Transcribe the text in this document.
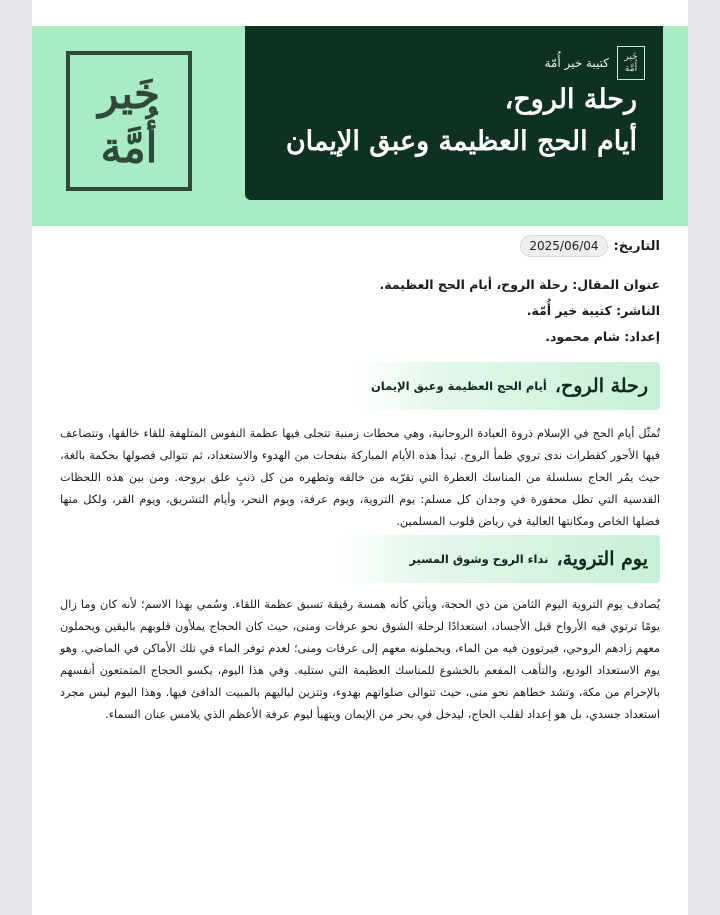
خَير
أُمَّة
خَير
أُمَّة
كتيبة خير أُمّة
رحلة الروح،
أيام الحج العظيمة وعبق الإيمان
التاريخ:
2025/06/04
عنوان المقال: رحلة الروح، أيام الحج العظيمة.
الناشر: كتيبة خير أُمّة.
إعداد: شام محمود.
رحلة الروح،
أيام الحج العظيمة وعبق الإيمان

تُمثّل أيام الحج في الإسلام ذروة العبادة الروحانية، وهي محطات زمنية تتجلى فيها عظمة النفوس المتلهفة للقاء خالقها، وتتضاعف فيها الأجور كقطرات ندى تروي ظمأ الروح. تبدأ هذه الأيام المباركة بنفحات من الهدوء والاستعداد، ثم تتوالى فصولها بحكمة بالغة، حيث يمُر الحاج بسلسلة من المناسك العطرة التي تقرّبه من خالقه وتطهره من كل ذنبٍ علق بروحه. ومن بين هذه اللحظات القدسية التي تظل محفورة في وجدان كل مسلم: يوم التروية، ويوم عرفة، ويوم النحر، وأيام التشريق، ويوم القر، ولكل منها فضلها الخاص ومكانتها العالية في رياض قلوب المسلمين.

يوم التروية،
نداء الروح وشوق المسير

يُصادف يوم التروية اليوم الثامن من ذي الحجة، ويأتي كأنه همسة رقيقة تسبق عظمة اللقاء. وسُمي بهذا الاسم؛ لأنه كان وما زال يومًا ترتوي فيه الأرواح قبل الأجساد، استعدادًا لرحلة الشوق نحو عرفات ومنى، حيث كان الحجاج يملأون قلوبهم باليقين ويحملون معهم زادهم الروحي، فيرتوون فيه من الماء، ويحملونه معهم إلى عرفات ومنى؛ لعدم توفر الماء في تلك الأماكن في الماضي. وهو يوم الاستعداد الوديع، والتأهب المفعم بالخشوع للمناسك العظيمة التي ستليه. وفي هذا اليوم، يكسو الحجاج المتمتعون أنفسهم بالإحرام من مكة، وتشد خطاهم نحو منى، حيث تتوالى صلواتهم بهدوء، وتتزين لياليهم بالمبيت الدافئ فيها. وهذا اليوم ليس مجرد استعداد جسدي، بل هو إعداد لقلب الحاج، ليدخل في بحر من الإيمان ويتهيأ ليوم عرفة الأعظم الذي يلامس عنان السماء.
